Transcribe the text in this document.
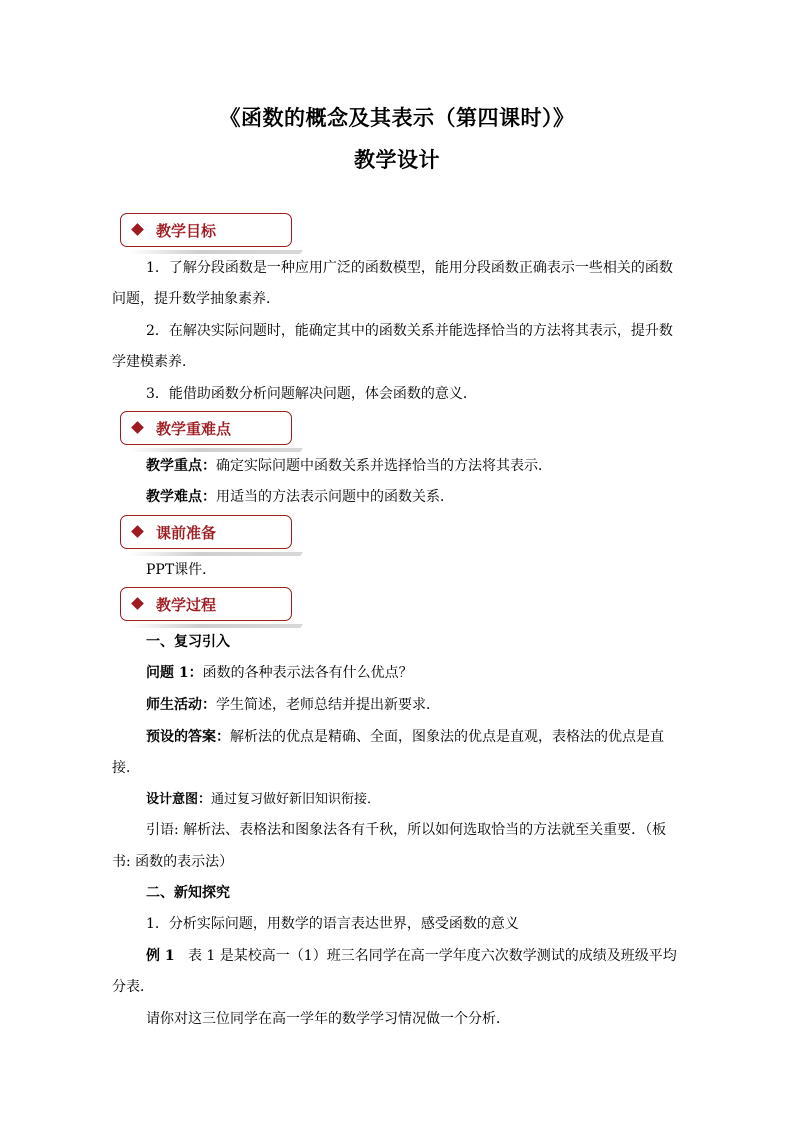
《函数的概念及其表示（第四课时）》
教学设计
教学目标
1．了解分段函数是一种应用广泛的函数模型，能用分段函数正确表示一些相关的函数
问题，提升数学抽象素养．
2．在解决实际问题时，能确定其中的函数关系并能选择恰当的方法将其表示，提升数
学建模素养．
3．能借助函数分析问题解决问题，体会函数的意义．
教学重难点
教学重点：确定实际问题中函数关系并选择恰当的方法将其表示．
教学难点：用适当的方法表示问题中的函数关系．
课前准备
PPT课件．
教学过程
一、复习引入
问题 1：函数的各种表示法各有什么优点？
师生活动：学生简述，老师总结并提出新要求．
预设的答案：解析法的优点是精确、全面，图象法的优点是直观，表格法的优点是直
接．
设计意图：通过复习做好新旧知识衔接．
引语: 解析法、表格法和图象法各有千秋，所以如何选取恰当的方法就至关重要．（板
书: 函数的表示法）
二、新知探究
1．分析实际问题，用数学的语言表达世界，感受函数的意义
例 1 表 1 是某校高一（1）班三名同学在高一学年度六次数学测试的成绩及班级平均
分表．
请你对这三位同学在高一学年的数学学习情况做一个分析．
